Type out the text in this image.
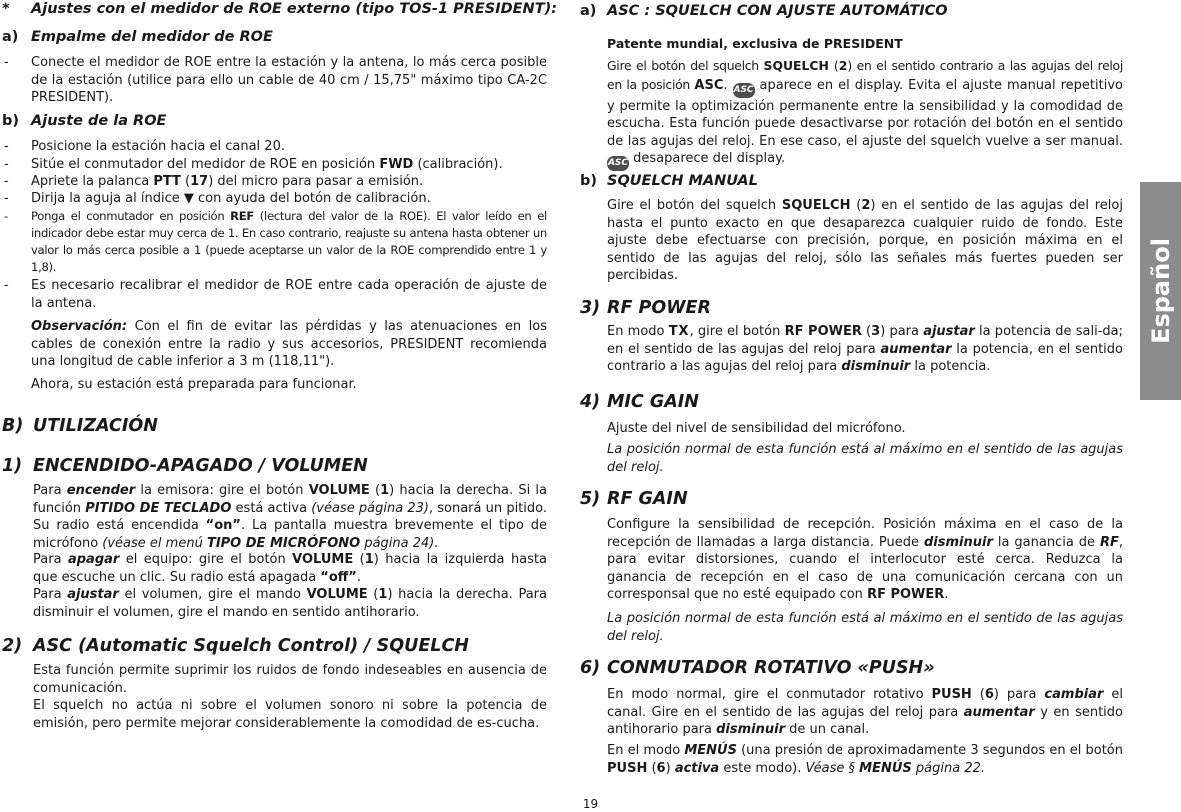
* Ajustes con el medidor de ROE externo (tipo TOS-1 PRESIDENT):
a) Empalme del medidor de ROE
- Conecte el medidor de ROE entre la estación y la antena, lo más cerca posible de la estación (utilice para ello un cable de 40 cm / 15,75" máximo tipo CA-2C PRESIDENT).
b) Ajuste de la ROE
- Posicione la estación hacia el canal 20.
- Sitúe el conmutador del medidor de ROE en posición FWD (calibración).
- Apriete la palanca PTT (17) del micro para pasar a emisión.
- Dirija la aguja al índice ▼ con ayuda del botón de calibración.
- Ponga el conmutador en posición REF (lectura del valor de la ROE). El valor leído en el indicador debe estar muy cerca de 1. En caso contrario, reajuste su antena hasta obtener un valor lo más cerca posible a 1 (puede aceptarse un valor de la ROE comprendido entre 1 y 1,8).
- Es necesario recalibrar el medidor de ROE entre cada operación de ajuste de la antena.
Observación: Con el fin de evitar las pérdidas y las atenuaciones en los cables de conexión entre la radio y sus accesorios, PRESIDENT recomienda una longitud de cable inferior a 3 m (118,11").
Ahora, su estación está preparada para funcionar.
B) UTILIZACIÓN
1) ENCENDIDO-APAGADO / VOLUMEN
Para encender la emisora: gire el botón VOLUME (1) hacia la derecha. Si la función PITIDO DE TECLADO está activa (véase página 23), sonará un pitido. Su radio está encendida “on”. La pantalla muestra brevemente el tipo de micrófono (véase el menú TIPO DE MICRÓFONO página 24).
Para apagar el equipo: gire el botón VOLUME (1) hacia la izquierda hasta que escuche un clic. Su radio está apagada “off”.
Para ajustar el volumen, gire el mando VOLUME (1) hacia la derecha. Para disminuir el volumen, gire el mando en sentido antihorario.
2) ASC (Automatic Squelch Control) / SQUELCH
Esta función permite suprimir los ruidos de fondo indeseables en ausencia de comunicación.
El squelch no actúa ni sobre el volumen sonoro ni sobre la potencia de emisión, pero permite mejorar considerablemente la comodidad de es-cucha.
a) ASC : SQUELCH CON AJUSTE AUTOMÁTICO
Patente mundial, exclusiva de PRESIDENT
Gire el botón del squelch SQUELCH (2) en el sentido contrario a las agujas del reloj en la posición ASC. ASC aparece en el display. Evita el ajuste manual repetitivo y permite la optimización permanente entre la sensibilidad y la comodidad de escucha. Esta función puede desactivarse por rotación del botón en el sentido de las agujas del reloj. En ese caso, el ajuste del squelch vuelve a ser manual. ASC desaparece del display.
b) SQUELCH MANUAL
Gire el botón del squelch SQUELCH (2) en el sentido de las agujas del reloj hasta el punto exacto en que desaparezca cualquier ruido de fondo. Este ajuste debe efectuarse con precisión, porque, en posición máxima en el sentido de las agujas del reloj, sólo las señales más fuertes pueden ser percibidas.
3) RF POWER
En modo TX, gire el botón RF POWER (3) para ajustar la potencia de sali-da; en el sentido de las agujas del reloj para aumentar la potencia, en el sentido contrario a las agujas del reloj para disminuir la potencia.
4) MIC GAIN
Ajuste del nivel de sensibilidad del micrófono.
La posición normal de esta función está al máximo en el sentido de las agujas del reloj.
5) RF GAIN
Configure la sensibilidad de recepción. Posición máxima en el caso de la recepción de llamadas a larga distancia. Puede disminuir la ganancia de RF, para evitar distorsiones, cuando el interlocutor esté cerca. Reduzca la ganancia de recepción en el caso de una comunicación cercana con un corresponsal que no esté equipado con RF POWER.
La posición normal de esta función está al máximo en el sentido de las agujas del reloj.
6) CONMUTADOR ROTATIVO «PUSH»
En modo normal, gire el conmutador rotativo PUSH (6) para cambiar el canal. Gire en el sentido de las agujas del reloj para aumentar y en sentido antihorario para disminuir de un canal.
En el modo MENÚS (una presión de aproximadamente 3 segundos en el botón PUSH (6) activa este modo). Véase § MENÚS página 22.
Español
19
